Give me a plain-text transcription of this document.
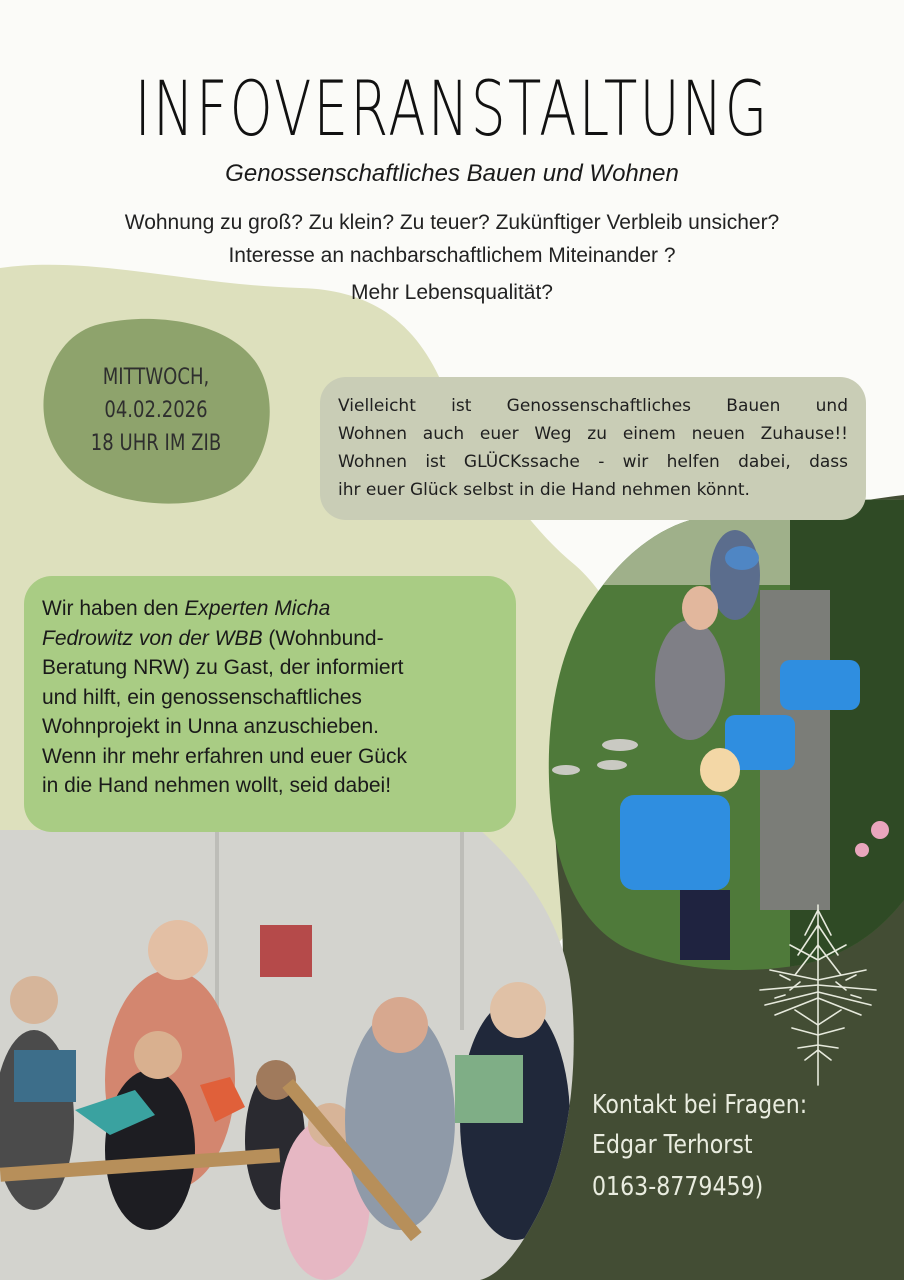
INFOVERANSTALTUNG
Genossenschaftliches Bauen und Wohnen
Wohnung zu groß? Zu klein? Zu teuer? Zukünftiger Verbleib unsicher?
Interesse an nachbarschaftlichem Miteinander ?
Mehr Lebensqualität?
MITTWOCH,
04.02.2026
18 UHR IM ZIB
Vielleicht ist Genossenschaftliches Bauen und
Wohnen auch euer Weg zu einem neuen Zuhause!!
Wohnen ist GLÜCKssache - wir helfen dabei, dass
ihr euer Glück selbst in die Hand nehmen könnt.
Wir haben den Experten Micha
Fedrowitz von der WBB (Wohnbund-
Beratung NRW) zu Gast, der informiert
und hilft, ein genossenschaftliches
Wohnprojekt in Unna anzuschieben.
Wenn ihr mehr erfahren und euer Gück
in die Hand nehmen wollt, seid dabei!
Kontakt bei Fragen:
Edgar Terhorst
0163-8779459)
